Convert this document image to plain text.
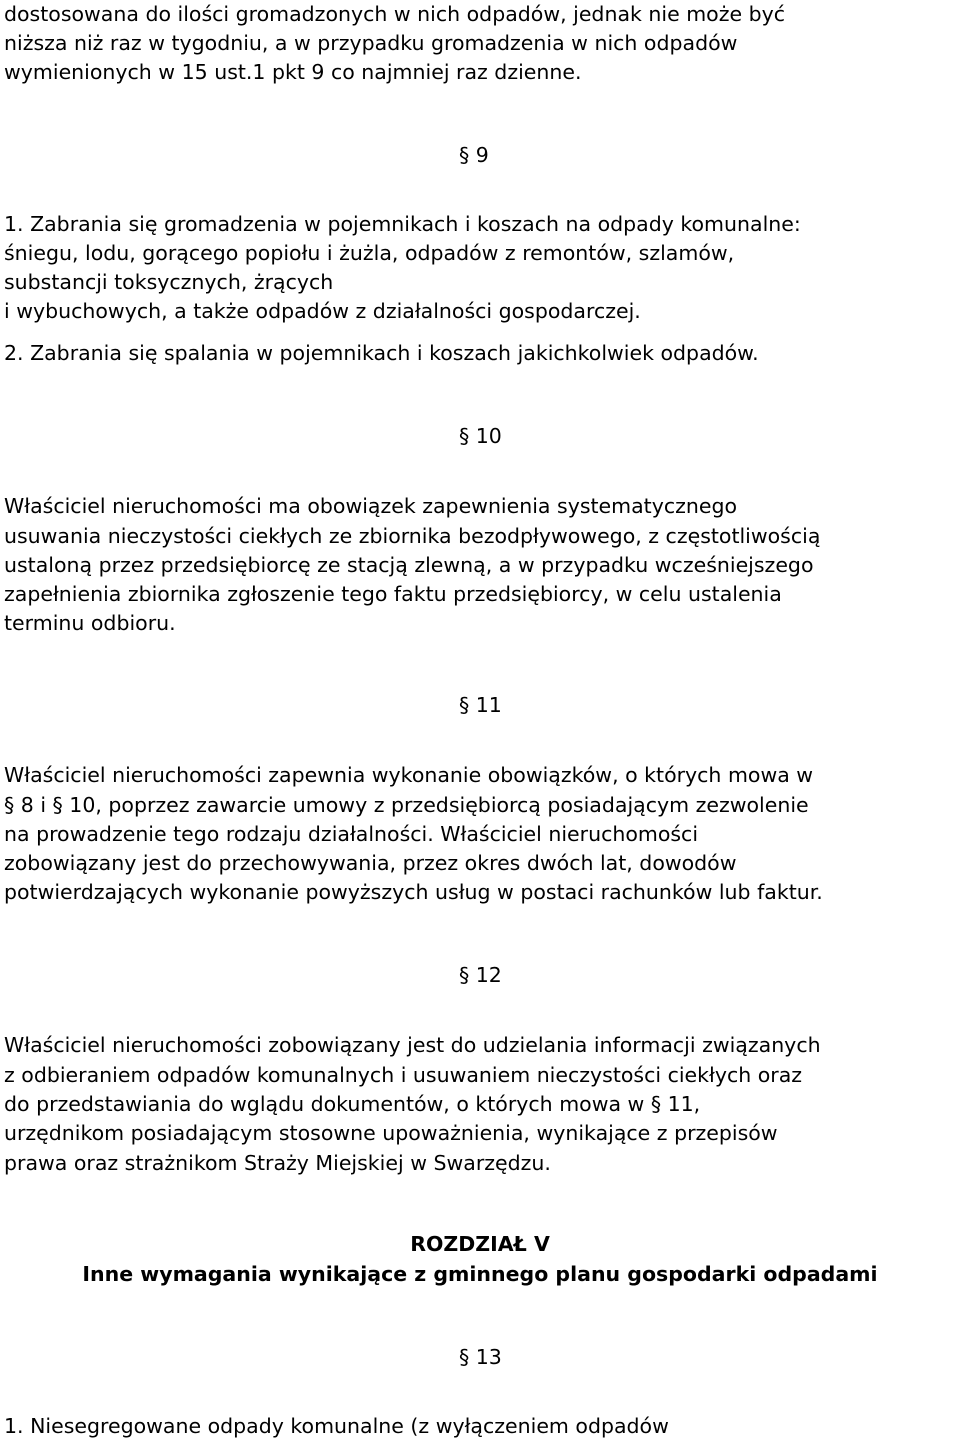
dostosowana do ilości gromadzonych w nich odpadów, jednak nie może być
niższa niż raz w tygodniu, a w przypadku gromadzenia w nich odpadów
wymienionych w 15 ust.1 pkt 9 co najmniej raz dzienne.
§ 9
1. Zabrania się gromadzenia w pojemnikach i koszach na odpady komunalne:
śniegu, lodu, gorącego popiołu i żużla, odpadów z remontów, szlamów,
substancji toksycznych, żrących
i wybuchowych, a także odpadów z działalności gospodarczej.
2. Zabrania się spalania w pojemnikach i koszach jakichkolwiek odpadów.
§ 10
Właściciel nieruchomości ma obowiązek zapewnienia systematycznego
usuwania nieczystości ciekłych ze zbiornika bezodpływowego, z częstotliwością
ustaloną przez przedsiębiorcę ze stacją zlewną, a w przypadku wcześniejszego
zapełnienia zbiornika zgłoszenie tego faktu przedsiębiorcy, w celu ustalenia
terminu odbioru.
§ 11
Właściciel nieruchomości zapewnia wykonanie obowiązków, o których mowa w
§ 8 i § 10, poprzez zawarcie umowy z przedsiębiorcą posiadającym zezwolenie
na prowadzenie tego rodzaju działalności. Właściciel nieruchomości
zobowiązany jest do przechowywania, przez okres dwóch lat, dowodów
potwierdzających wykonanie powyższych usług w postaci rachunków lub faktur.
§ 12
Właściciel nieruchomości zobowiązany jest do udzielania informacji związanych
z odbieraniem odpadów komunalnych i usuwaniem nieczystości ciekłych oraz
do przedstawiania do wglądu dokumentów, o których mowa w § 11,
urzędnikom posiadającym stosowne upoważnienia, wynikające z przepisów
prawa oraz strażnikom Straży Miejskiej w Swarzędzu.
ROZDZIAŁ V
Inne wymagania wynikające z gminnego planu gospodarki odpadami
§ 13
1. Niesegregowane odpady komunalne (z wyłączeniem odpadów
